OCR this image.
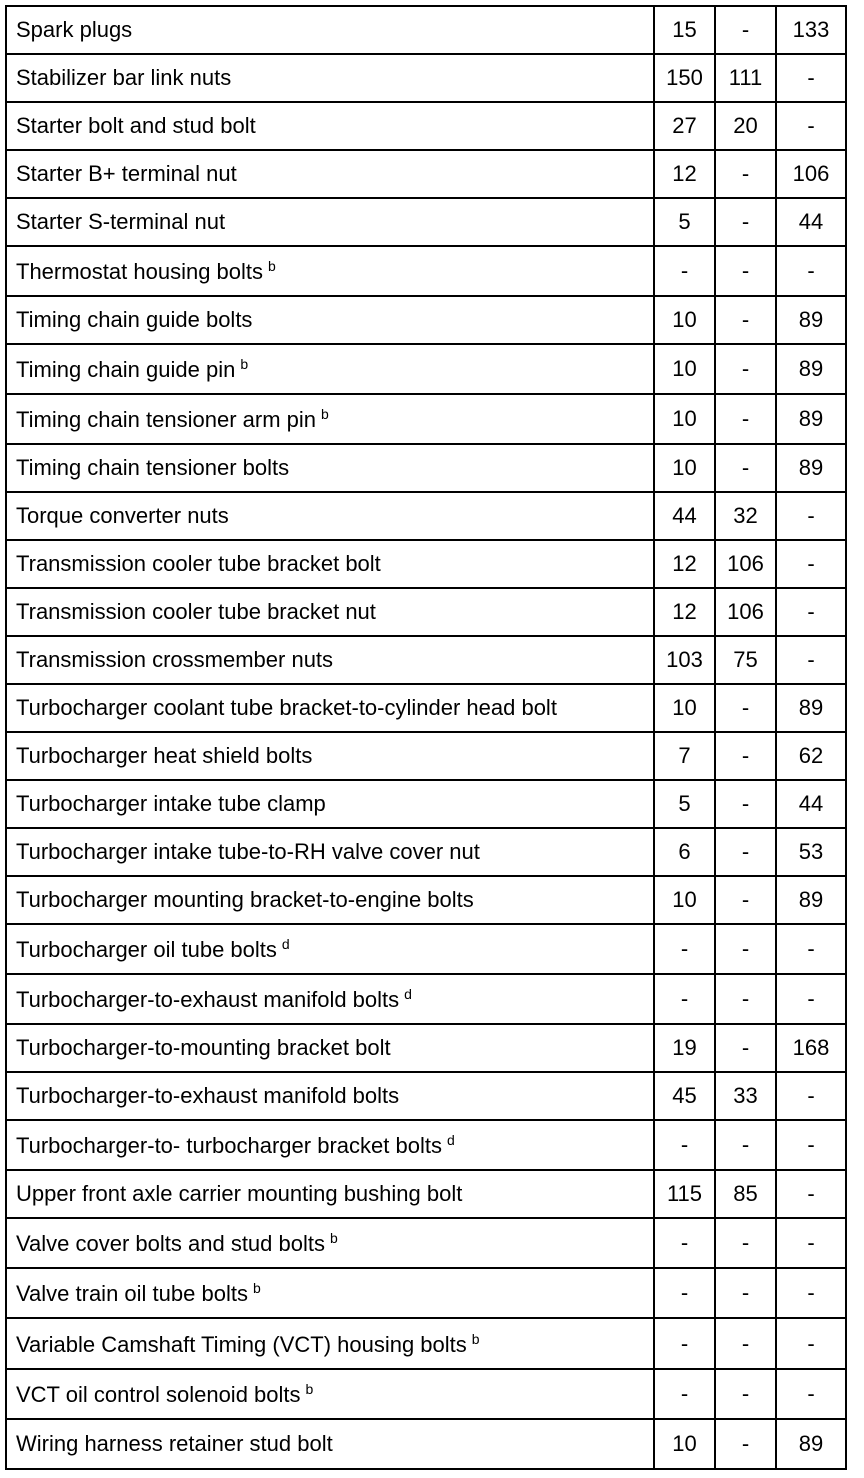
Spark plugs	15	-	133
Stabilizer bar link nuts	150	111	-
Starter bolt and stud bolt	27	20	-
Starter B+ terminal nut	12	-	106
Starter S-terminal nut	5	-	44
Thermostat housing bolts $^b$	-	-	-
Timing chain guide bolts	10	-	89
Timing chain guide pin $^b$	10	-	89
Timing chain tensioner arm pin $^b$	10	-	89
Timing chain tensioner bolts	10	-	89
Torque converter nuts	44	32	-
Transmission cooler tube bracket bolt	12	106	-
Transmission cooler tube bracket nut	12	106	-
Transmission crossmember nuts	103	75	-
Turbocharger coolant tube bracket-to-cylinder head bolt	10	-	89
Turbocharger heat shield bolts	7	-	62
Turbocharger intake tube clamp	5	-	44
Turbocharger intake tube-to-RH valve cover nut	6	-	53
Turbocharger mounting bracket-to-engine bolts	10	-	89
Turbocharger oil tube bolts $^d$	-	-	-
Turbocharger-to-exhaust manifold bolts $^d$	-	-	-
Turbocharger-to-mounting bracket bolt	19	-	168
Turbocharger-to-exhaust manifold bolts	45	33	-
Turbocharger-to- turbocharger bracket bolts $^d$	-	-	-
Upper front axle carrier mounting bushing bolt	115	85	-
Valve cover bolts and stud bolts $^b$	-	-	-
Valve train oil tube bolts $^b$	-	-	-
Variable Camshaft Timing (VCT) housing bolts $^b$	-	-	-
VCT oil control solenoid bolts $^b$	-	-	-
Wiring harness retainer stud bolt	10	-	89
